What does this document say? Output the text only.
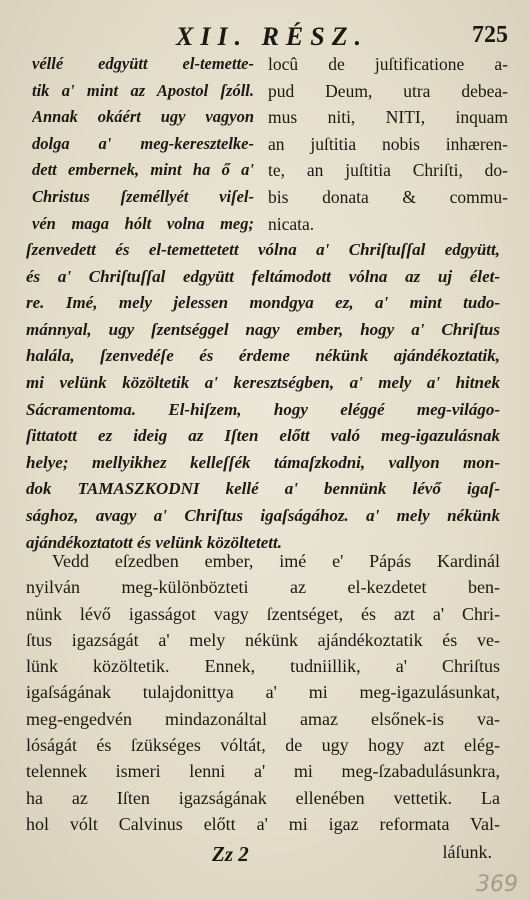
XII. RÉSZ.	725
véllé edgyütt el-temette-
tik a' mint az Apostol ſzóll.
Annak okáért ugy vagyon
dolga a' meg-keresztelke-
dett embernek, mint ha ő a'
Christus ſzeméllyét viſel-
vén maga hólt volna meg;
locû de juſtificatione a-
pud Deum, utra debea-
mus niti, NITI, inquam
an juſtitia nobis inhæren-
te, an juſtitia Chriſti, do-
bis donata & commu-
nicata.
ſzenvedett és el-temettetett vólna a' Chriſtuſſal edgyütt,
és a' Chriſtuſſal edgyütt feltámodott vólna az uj élet-
re. Imé, mely jelessen mondgya ez, a' mint tudo-
mánnyal, ugy ſzentséggel nagy ember, hogy a' Chriſtus
halála, ſzenvedéſe és érdeme nékünk ajándékoztatik,
mi velünk közöltetik a' keresztségben, a' mely a' hitnek
Sácramentoma. El-hiſzem, hogy eléggé meg-világo-
ſittatott ez ideig az Iſten előtt való meg-igazulásnak
helye; mellyikhez kelleſſék támaſzkodni, vallyon mon-
dok TAMASZKODNI kellé a' bennünk lévő igaſ-
sághoz, avagy a' Chriſtus igaſságához. a' mely nékünk
ajándékoztatott és velünk közöltetett.
Vedd eſzedben ember, imé e' Pápás Kardinál
nyilván meg-különbözteti az el-kezdetet ben-
nünk lévő igasságot vagy ſzentséget, és azt a' Chri-
ſtus igazságát a' mely nékünk ajándékoztatik és ve-
lünk közöltetik. Ennek, tudniillik, a' Chriſtus
igaſságának tulajdonittya a' mi meg-igazulásunkat,
meg-engedvén mindazonáltal amaz elsőnek-is va-
lóságát és ſzükséges vóltát, de ugy hogy azt elég-
telennek ismeri lenni a' mi meg-ſzabadulásunkra,
ha az Iſten igazságának ellenében vettetik. La
hol vólt Calvinus előtt a' mi igaz reformata Val-
Zz 2	láſunk.
369
